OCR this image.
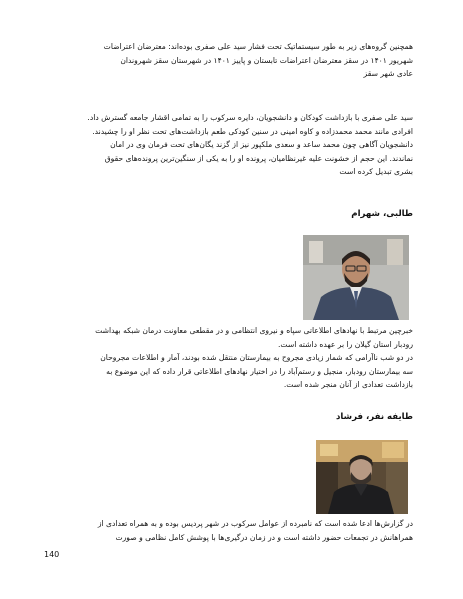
همچنین گروه‌های زیر به طور سیستماتیک تحت فشار سید علی صفری بوده‌اند: معترضان اعتراضات
شهریور ۱۴۰۱ در سقز معترضان اعتراضات تابستان و پاییز ۱۴۰۱ در شهرستان سقز شهروندان
عادی شهر سقز

سید علی صفری با بازداشت کودکان و دانشجویان، دایره سرکوب را به تمامی اقشار جامعه گسترش داد.
افرادی مانند محمد محمدزاده و کاوه امینی در سنین کودکی طعم بازداشت‌های تحت نظر او را چشیدند.
دانشجویان آگاهی چون محمد ساعد و سعدی ملکپور نیز از گزند یگان‌های تحت فرمان وی در امان
نماندند. این حجم از خشونت علیه غیرنظامیان، پرونده او را به یکی از سنگین‌ترین پرونده‌های حقوق
بشری تبدیل کرده است

طالبی، شهرام

خبرچین مرتبط با نهادهای اطلاعاتی سپاه و نیروی انتظامی و در مقطعی معاونت درمان شبکه بهداشت
رودبار استان گیلان را بر عهده داشته است.
در دو شب ناآرامی که شمار زیادی مجروح به بیمارستان منتقل شده بودند، آمار و اطلاعات مجروحان
سه بیمارستان رودبار، منجیل و رستم‌آباد را در اختیار نهادهای اطلاعاتی قرار داده که این موضوع به
بازداشت تعدادی از آنان منجر شده است.

طایفه نفر، فرشاد

در گزارش‌ها ادعا شده است که نامبرده از عوامل سرکوب در شهر پردیس بوده و به همراه تعدادی از
همراهانش در تجمعات حضور داشته است و در زمان درگیری‌ها با پوشش کامل نظامی و صورت

140
